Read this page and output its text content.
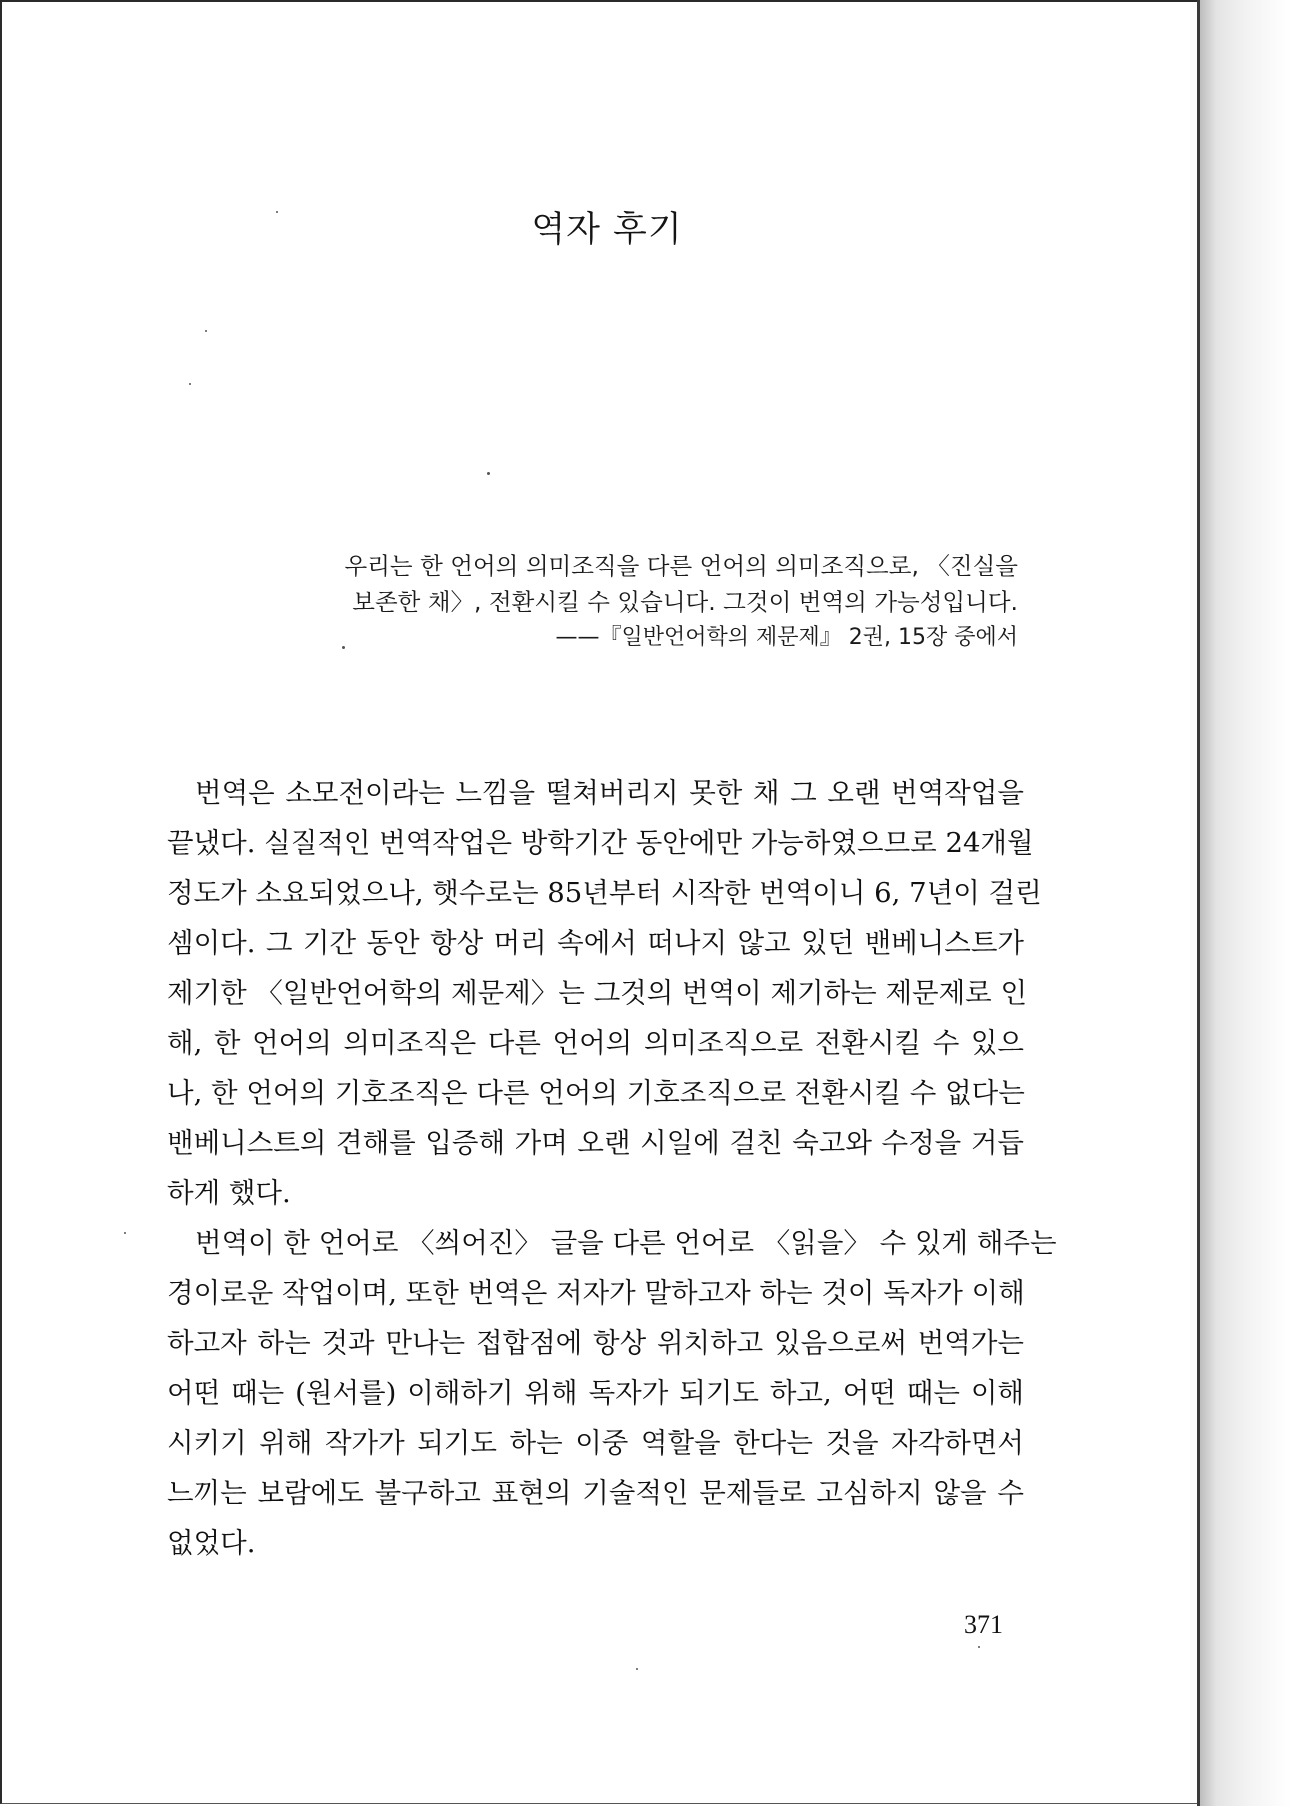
역자 후기
우리는 한 언어의 의미조직을 다른 언어의 의미조직으로, 〈진실을
보존한 채〉, 전환시킬 수 있습니다. 그것이 번역의 가능성입니다.
——『일반언어학의 제문제』 2권, 15장 중에서
번역은 소모전이라는 느낌을 떨쳐버리지 못한 채 그 오랜 번역작업을
끝냈다. 실질적인 번역작업은 방학기간 동안에만 가능하였으므로 24개월
정도가 소요되었으나, 햇수로는 85년부터 시작한 번역이니 6, 7년이 걸린
셈이다. 그 기간 동안 항상 머리 속에서 떠나지 않고 있던 밴베니스트가
제기한 〈일반언어학의 제문제〉는 그것의 번역이 제기하는 제문제로 인
해, 한 언어의 의미조직은 다른 언어의 의미조직으로 전환시킬 수 있으
나, 한 언어의 기호조직은 다른 언어의 기호조직으로 전환시킬 수 없다는
밴베니스트의 견해를 입증해 가며 오랜 시일에 걸친 숙고와 수정을 거듭
하게 했다.
번역이 한 언어로 〈씌어진〉 글을 다른 언어로 〈읽을〉 수 있게 해주는
경이로운 작업이며, 또한 번역은 저자가 말하고자 하는 것이 독자가 이해
하고자 하는 것과 만나는 접합점에 항상 위치하고 있음으로써 번역가는
어떤 때는 (원서를) 이해하기 위해 독자가 되기도 하고, 어떤 때는 이해
시키기 위해 작가가 되기도 하는 이중 역할을 한다는 것을 자각하면서
느끼는 보람에도 불구하고 표현의 기술적인 문제들로 고심하지 않을 수
없었다.
371
